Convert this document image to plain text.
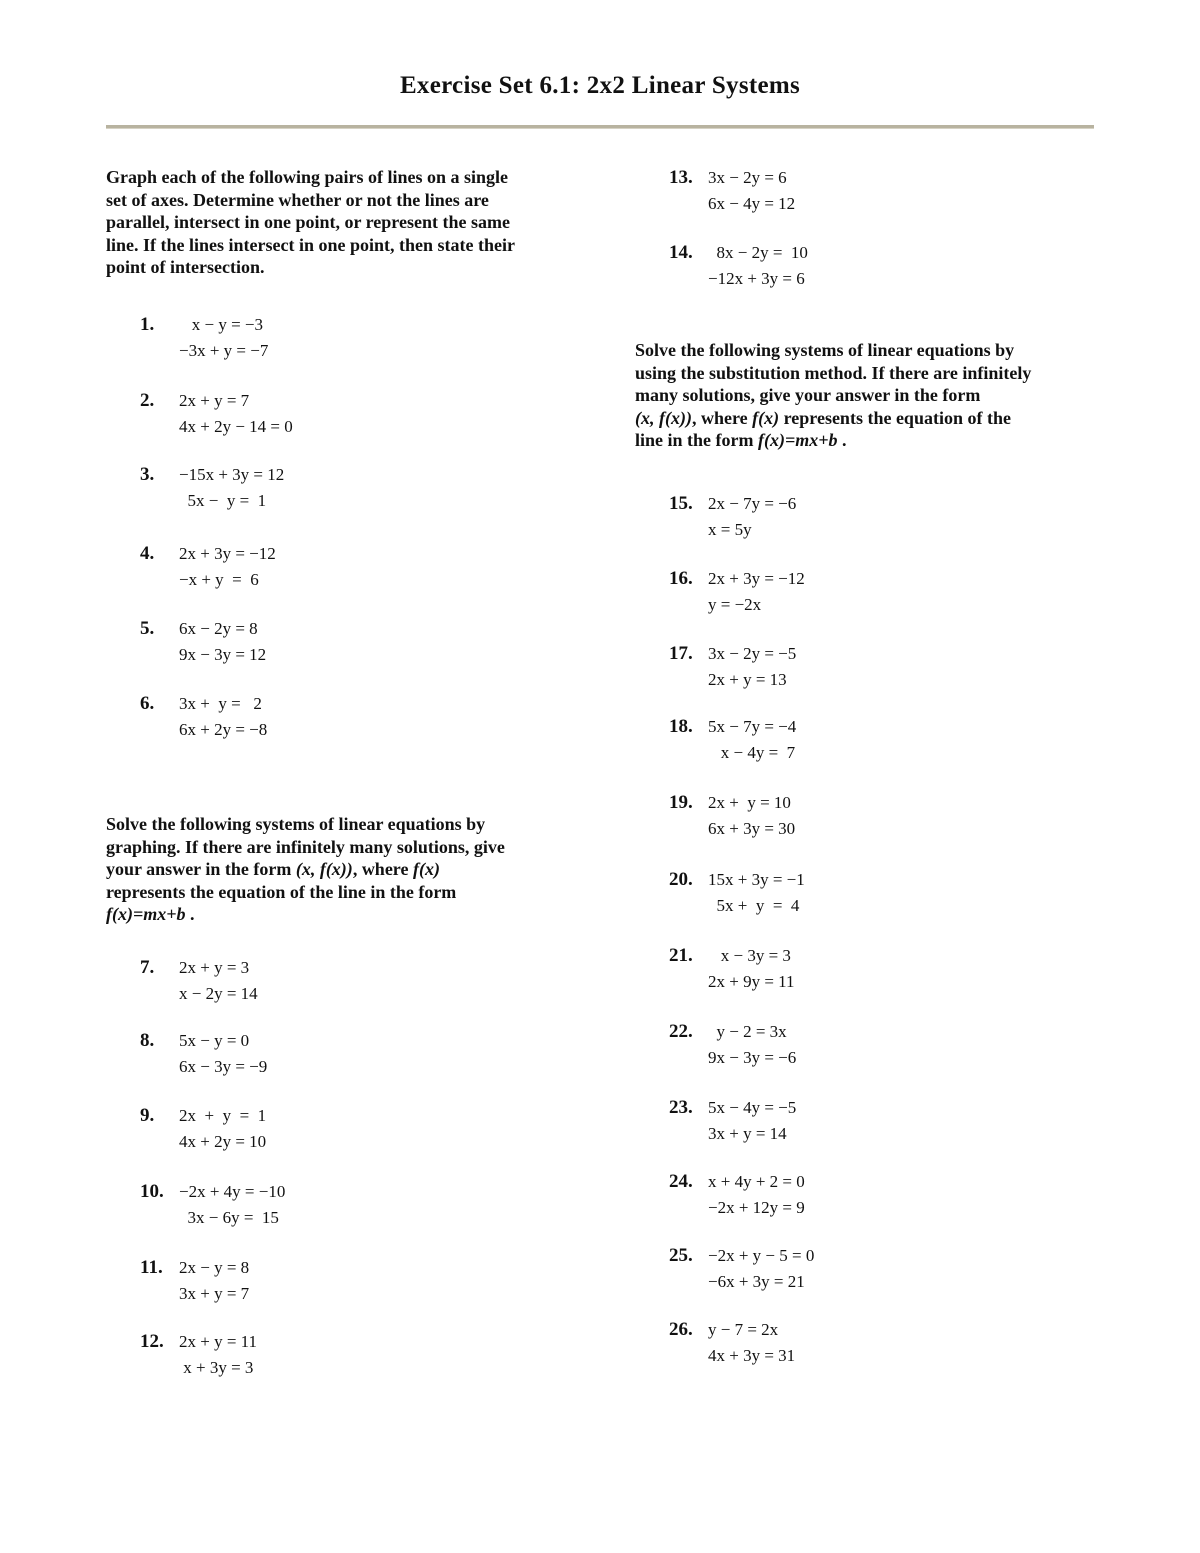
Exercise Set 6.1: 2x2 Linear Systems
Graph each of the following pairs of lines on a single
set of axes. Determine whether or not the lines are
parallel, intersect in one point, or represent the same
line. If the lines intersect in one point, then state their
point of intersection.
Solve the following systems of linear equations by
graphing. If there are infinitely many solutions, give
your answer in the form (x, f(x)), where f(x)
represents the equation of the line in the form
f(x)=mx+b .
Solve the following systems of linear equations by
using the substitution method. If there are infinitely
many solutions, give your answer in the form
(x, f(x)), where f(x) represents the equation of the
line in the form f(x)=mx+b .
1. x − y = −3
−3x + y = −7
2. 2x + y = 7
4x + 2y − 14 = 0
3. −15x + 3y = 12
5x −  y =  1
4. 2x + 3y = −12
−x + y  =  6
5. 6x − 2y = 8
9x − 3y = 12
6. 3x +  y =   2
6x + 2y = −8
7. 2x + y = 3
x − 2y = 14
8. 5x − y = 0
6x − 3y = −9
9. 2x  +  y  =  1
4x + 2y = 10
10. −2x + 4y = −10
3x − 6y =  15
11. 2x − y = 8
3x + y = 7
12. 2x + y = 11
x + 3y = 3
13. 3x − 2y = 6
6x − 4y = 12
14. 8x − 2y =  10
−12x + 3y = 6
15. 2x − 7y = −6
x = 5y
16. 2x + 3y = −12
y = −2x
17. 3x − 2y = −5
2x + y = 13
18. 5x − 7y = −4
x − 4y =  7
19. 2x +  y = 10
6x + 3y = 30
20. 15x + 3y = −1
5x +  y  =  4
21. x − 3y = 3
2x + 9y = 11
22. y − 2 = 3x
9x − 3y = −6
23. 5x − 4y = −5
3x + y = 14
24. x + 4y + 2 = 0
−2x + 12y = 9
25. −2x + y − 5 = 0
−6x + 3y = 21
26. y − 7 = 2x
4x + 3y = 31
